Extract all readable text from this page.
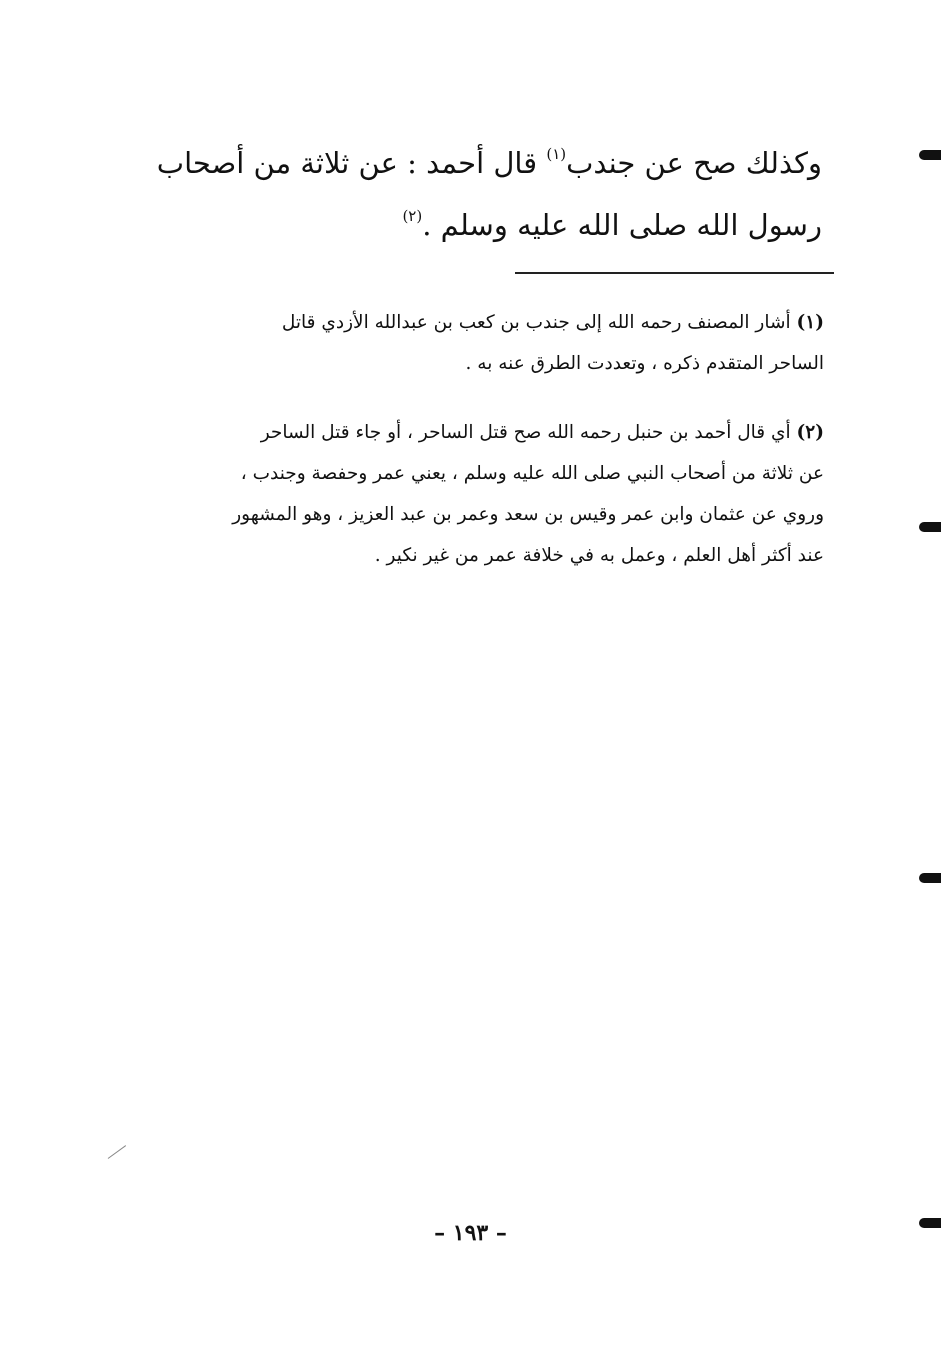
وكذلك صح عن جندب$^{(١)}$ قال أحمد : عن ثلاثة من أصحاب
رسول الله صلى الله عليه وسلم .$^{(٢)}$
(١) أشار المصنف رحمه الله إلى جندب بن كعب بن عبدالله الأزدي قاتل
الساحر المتقدم ذكره ، وتعددت الطرق عنه به .
(٢) أي قال أحمد بن حنبل رحمه الله صح قتل الساحر ، أو جاء قتل الساحر
عن ثلاثة من أصحاب النبي صلى الله عليه وسلم ، يعني عمر وحفصة وجندب ،
وروي عن عثمان وابن عمر وقيس بن سعد وعمر بن عبد العزيز ، وهو المشهور
عند أكثر أهل العلم ، وعمل به في خلافة عمر من غير نكير .
– ١٩٣ –
